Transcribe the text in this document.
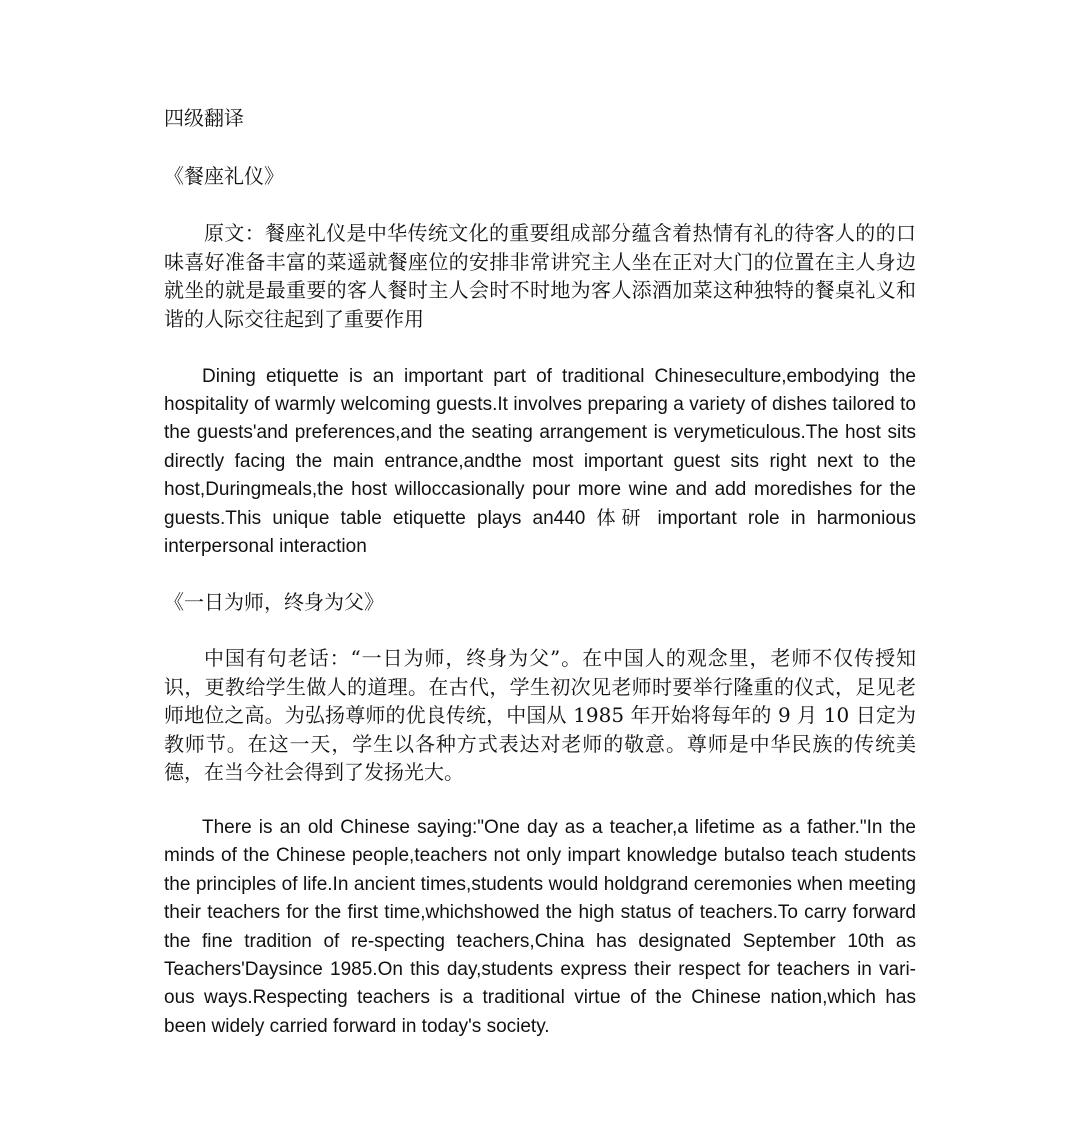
四级翻译

《餐座礼仪》

原文：餐座礼仪是中华传统文化的重要组成部分蕴含着热情有礼的待客人的的口味喜好准备丰富的菜遥就餐座位的安排非常讲究主人坐在正对大门的位置在主人身边就坐的就是最重要的客人餐时主人会时不时地为客人添酒加菜这种独特的餐桌礼义和谐的人际交往起到了重要作用

Dining etiquette is an important part of traditional Chineseculture,embodying the hospitality of warmly welcoming guests.It involves preparing a variety of dishes tailored to the guests'and preferences,and the seating arrangement is verymeticulous.The host sits directly facing the main entrance,andthe most important guest sits right next to the host,Duringmeals,the host willoccasionally pour more wine and add moredishes for the guests.This unique table etiquette plays an440 体研 important role in harmonious interpersonal interaction

《一日为师，终身为父》

中国有句老话：“一日为师，终身为父”。在中国人的观念里，老师不仅传授知识，更教给学生做人的道理。在古代，学生初次见老师时要举行隆重的仪式，足见老师地位之高。为弘扬尊师的优良传统，中国从 1985 年开始将每年的 9 月 10 日定为教师节。在这一天，学生以各种方式表达对老师的敬意。尊师是中华民族的传统美德，在当今社会得到了发扬光大。

There is an old Chinese saying:"One day as a teacher,a lifetime as a father."In the minds of the Chinese people,teachers not only impart knowledge butalso teach students the principles of life.In ancient times,students would holdgrand ceremonies when meeting their teachers for the first time,whichshowed the high status of teachers.To carry forward the fine tradition of re-specting teachers,China has designated September 10th as Teachers'Daysince 1985.On this day,students express their respect for teachers in vari-ous ways.Respecting teachers is a traditional virtue of the Chinese nation,which has been widely carried forward in today's society.
